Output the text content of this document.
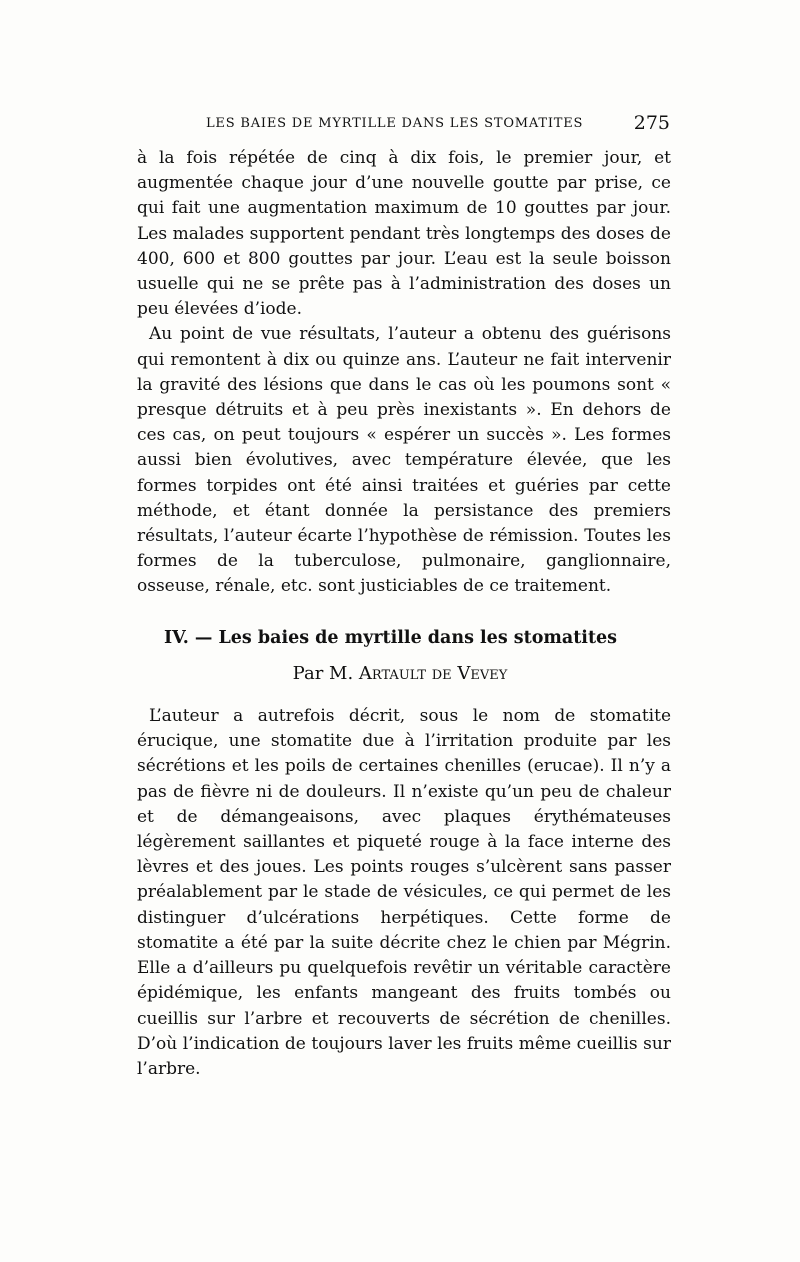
LES BAIES DE MYRTILLE DANS LES STOMATITES	275

à la fois répétée de cinq à dix fois, le premier jour, et augmentée chaque jour d’une nouvelle goutte par prise, ce qui fait une augmentation maximum de 10 gouttes par jour. Les malades supportent pendant très longtemps des doses de 400, 600 et 800 gouttes par jour. L’eau est la seule boisson usuelle qui ne se prête pas à l’administration des doses un peu élevées d’iode.

Au point de vue résultats, l’auteur a obtenu des guérisons qui remontent à dix ou quinze ans. L’auteur ne fait intervenir la gravité des lésions que dans le cas où les poumons sont « presque détruits et à peu près inexistants ». En dehors de ces cas, on peut toujours « espérer un succès ». Les formes aussi bien évolutives, avec température élevée, que les formes torpides ont été ainsi traitées et guéries par cette méthode, et étant donnée la persistance des premiers résultats, l’auteur écarte l’hypothèse de rémission. Toutes les formes de la tuberculose, pulmonaire, ganglionnaire, osseuse, rénale, etc. sont justiciables de ce traitement.

IV. — Les baies de myrtille dans les stomatites
Par M. Artault de Vevey

L’auteur a autrefois décrit, sous le nom de stomatite érucique, une stomatite due à l’irritation produite par les sécrétions et les poils de certaines chenilles (erucae). Il n’y a pas de fièvre ni de douleurs. Il n’existe qu’un peu de chaleur et de démangeaisons, avec plaques érythémateuses légèrement saillantes et piqueté rouge à la face interne des lèvres et des joues. Les points rouges s’ulcèrent sans passer préalablement par le stade de vésicules, ce qui permet de les distinguer d’ulcérations herpétiques. Cette forme de stomatite a été par la suite décrite chez le chien par Mégrin. Elle a d’ailleurs pu quelquefois revêtir un véritable caractère épidémique, les enfants mangeant des fruits tombés ou cueillis sur l’arbre et recouverts de sécrétion de chenilles. D’où l’indication de toujours laver les fruits même cueillis sur l’arbre.
